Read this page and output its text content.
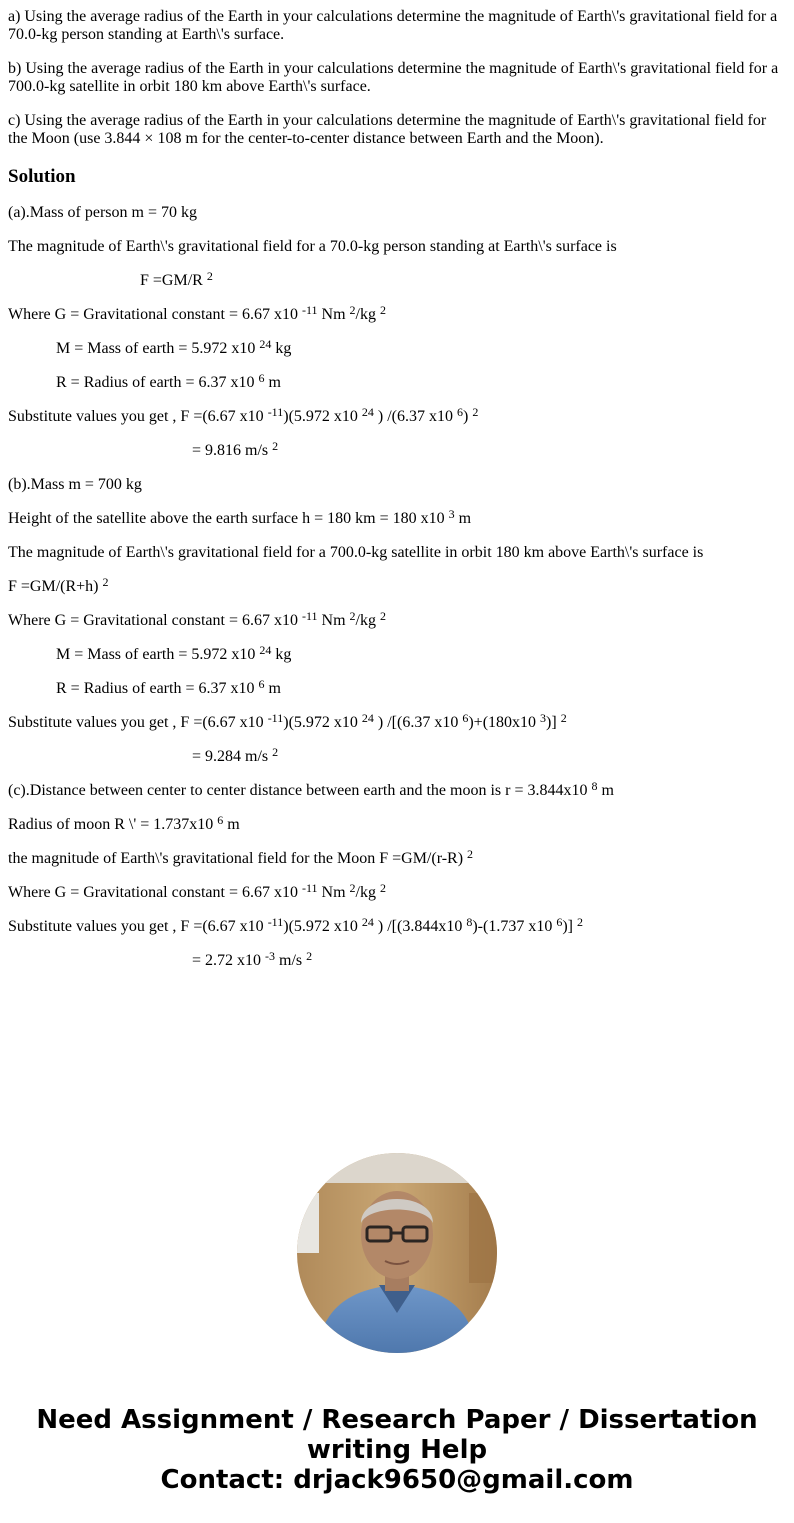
a) Using the average radius of the Earth in your calculations determine the magnitude of Earth\'s gravitational field for a 70.0-kg person standing at Earth\'s surface.

b) Using the average radius of the Earth in your calculations determine the magnitude of Earth\'s gravitational field for a 700.0-kg satellite in orbit 180 km above Earth\'s surface.

c) Using the average radius of the Earth in your calculations determine the magnitude of Earth\'s gravitational field for the Moon (use 3.844 × 108 m for the center-to-center distance between Earth and the Moon).

Solution

(a).Mass of person m = 70 kg

The magnitude of Earth\'s gravitational field for a 70.0-kg person standing at Earth\'s surface is

F =GM/R $^2$

Where G = Gravitational constant = 6.67 x10 $^{-11}$ Nm $^2$/kg $^2$

M = Mass of earth = 5.972 x10 $^{24}$ kg

R = Radius of earth = 6.37 x10 $^6$ m

Substitute values you get , F =(6.67 x10 $^{-11}$)(5.972 x10 $^{24}$ ) /(6.37 x10 $^6$) $^2$

= 9.816 m/s $^2$

(b).Mass m = 700 kg

Height of the satellite above the earth surface h = 180 km = 180 x10 $^3$ m

The magnitude of Earth\'s gravitational field for a 700.0-kg satellite in orbit 180 km above Earth\'s surface is

F =GM/(R+h) $^2$

Where G = Gravitational constant = 6.67 x10 $^{-11}$ Nm $^2$/kg $^2$

M = Mass of earth = 5.972 x10 $^{24}$ kg

R = Radius of earth = 6.37 x10 $^6$ m

Substitute values you get , F =(6.67 x10 $^{-11}$)(5.972 x10 $^{24}$ ) /[(6.37 x10 $^6$)+(180x10 $^3$)] $^2$

= 9.284 m/s $^2$

(c).Distance between center to center distance between earth and the moon is r = 3.844x10 $^8$ m

Radius of moon R \' = 1.737x10 $^6$ m

the magnitude of Earth\'s gravitational field for the Moon F =GM/(r-R) $^2$

Where G = Gravitational constant = 6.67 x10 $^{-11}$ Nm $^2$/kg $^2$

Substitute values you get , F =(6.67 x10 $^{-11}$)(5.972 x10 $^{24}$ ) /[(3.844x10 $^8$)-(1.737 x10 $^6$)] $^2$

= 2.72 x10 $^{-3}$ m/s $^2$

Need Assignment / Research Paper / Dissertation
writing Help
Contact: drjack9650@gmail.com
